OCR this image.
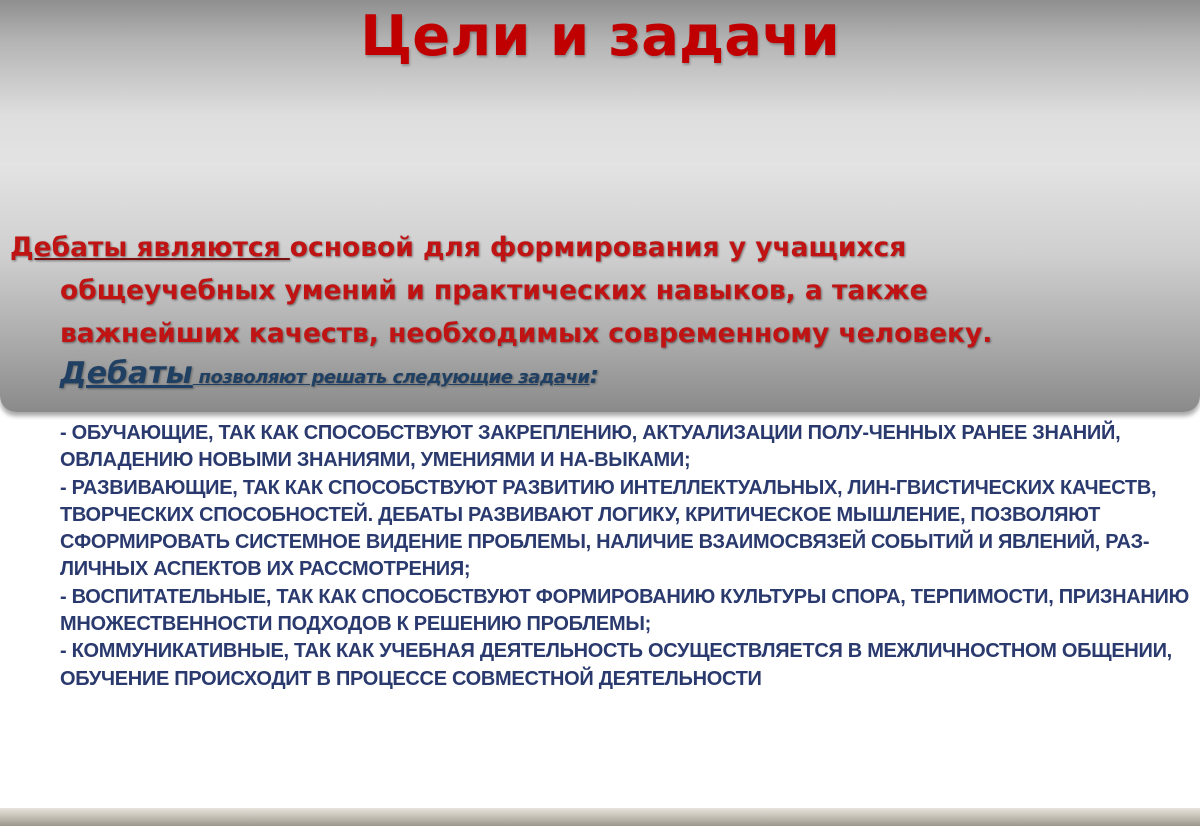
Цели и задачи

Дебаты являются основой для формирования у учащихся
общеучебных умений и практических навыков, а также
важнейших качеств, необходимых современному человеку.

Дебаты позволяют решать следующие задачи:

- ОБУЧАЮЩИЕ, ТАК КАК СПОСОБСТВУЮТ ЗАКРЕПЛЕНИЮ, АКТУАЛИЗАЦИИ ПОЛУ-ЧЕННЫХ РАНЕЕ ЗНАНИЙ, ОВЛАДЕНИЮ НОВЫМИ ЗНАНИЯМИ, УМЕНИЯМИ И НА-ВЫКАМИ;
- РАЗВИВАЮЩИЕ, ТАК КАК СПОСОБСТВУЮТ РАЗВИТИЮ ИНТЕЛЛЕКТУАЛЬНЫХ, ЛИН-ГВИСТИЧЕСКИХ КАЧЕСТВ, ТВОРЧЕСКИХ СПОСОБНОСТЕЙ. ДЕБАТЫ РАЗВИВАЮТ ЛОГИКУ, КРИТИЧЕСКОЕ МЫШЛЕНИЕ, ПОЗВОЛЯЮТ СФОРМИРОВАТЬ СИСТЕМНОЕ ВИДЕНИЕ ПРОБЛЕМЫ, НАЛИЧИЕ ВЗАИМОСВЯЗЕЙ СОБЫТИЙ И ЯВЛЕНИЙ, РАЗ-ЛИЧНЫХ АСПЕКТОВ ИХ РАССМОТРЕНИЯ;
- ВОСПИТАТЕЛЬНЫЕ, ТАК КАК СПОСОБСТВУЮТ ФОРМИРОВАНИЮ КУЛЬТУРЫ СПОРА, ТЕРПИМОСТИ, ПРИЗНАНИЮ МНОЖЕСТВЕННОСТИ ПОДХОДОВ К РЕШЕНИЮ ПРОБЛЕМЫ;
- КОММУНИКАТИВНЫЕ, ТАК КАК УЧЕБНАЯ ДЕЯТЕЛЬНОСТЬ ОСУЩЕСТВЛЯЕТСЯ В МЕЖЛИЧНОСТНОМ ОБЩЕНИИ, ОБУЧЕНИЕ ПРОИСХОДИТ В ПРОЦЕССЕ СОВМЕСТНОЙ ДЕЯТЕЛЬНОСТИ
